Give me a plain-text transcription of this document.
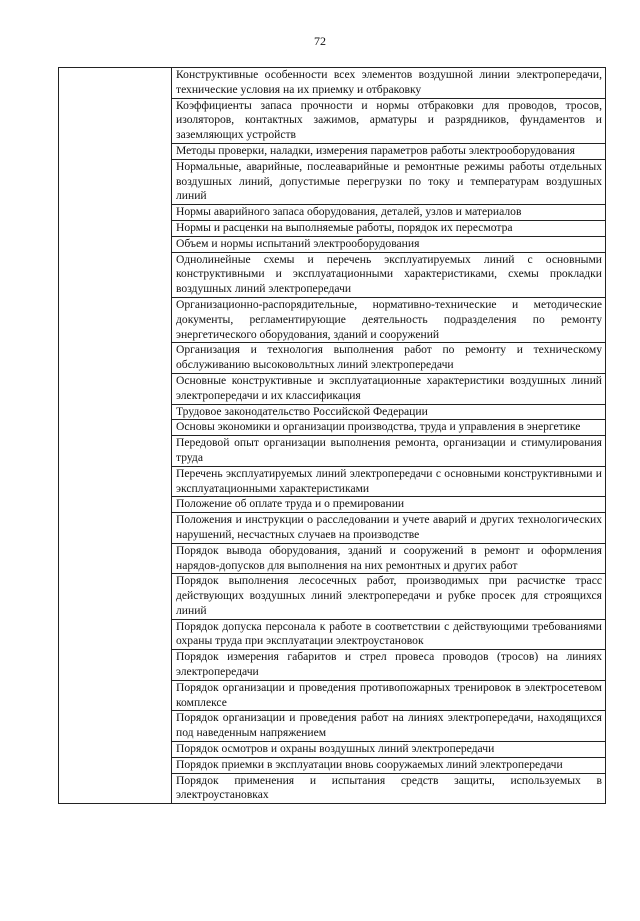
72

Конструктивные особенности всех элементов воздушной линии электропередачи, технические условия на их приемку и отбраковку

Коэффициенты запаса прочности и нормы отбраковки для проводов, тросов, изоляторов, контактных зажимов, арматуры и разрядников, фундаментов и заземляющих устройств

Методы проверки, наладки, измерения параметров работы электрооборудования

Нормальные, аварийные, послеаварийные и ремонтные режимы работы отдельных воздушных линий, допустимые перегрузки по току и температурам воздушных линий

Нормы аварийного запаса оборудования, деталей, узлов и материалов

Нормы и расценки на выполняемые работы, порядок их пересмотра

Объем и нормы испытаний электрооборудования

Однолинейные схемы и перечень эксплуатируемых линий с основными конструктивными и эксплуатационными характеристиками, схемы прокладки воздушных линий электропередачи

Организационно-распорядительные, нормативно-технические и методические документы, регламентирующие деятельность подразделения по ремонту энергетического оборудования, зданий и сооружений

Организация и технология выполнения работ по ремонту и техническому обслуживанию высоковольтных линий электропередачи

Основные конструктивные и эксплуатационные характеристики воздушных линий электропередачи и их классификация

Трудовое законодательство Российской Федерации

Основы экономики и организации производства, труда и управления в энергетике

Передовой опыт организации выполнения ремонта, организации и стимулирования труда

Перечень эксплуатируемых линий электропередачи с основными конструктивными и эксплуатационными характеристиками

Положение об оплате труда и о премировании

Положения и инструкции о расследовании и учете аварий и других технологических нарушений, несчастных случаев на производстве

Порядок вывода оборудования, зданий и сооружений в ремонт и оформления нарядов-допусков для выполнения на них ремонтных и других работ

Порядок выполнения лесосечных работ, производимых при расчистке трасс действующих воздушных линий электропередачи и рубке просек для строящихся линий

Порядок допуска персонала к работе в соответствии с действующими требованиями охраны труда при эксплуатации электроустановок

Порядок измерения габаритов и стрел провеса проводов (тросов) на линиях электропередачи

Порядок организации и проведения противопожарных тренировок в электросетевом комплексе

Порядок организации и проведения работ на линиях электропередачи, находящихся под наведенным напряжением

Порядок осмотров и охраны воздушных линий электропередачи

Порядок приемки в эксплуатации вновь сооружаемых линий электропередачи

Порядок применения и испытания средств защиты, используемых в электроустановках
